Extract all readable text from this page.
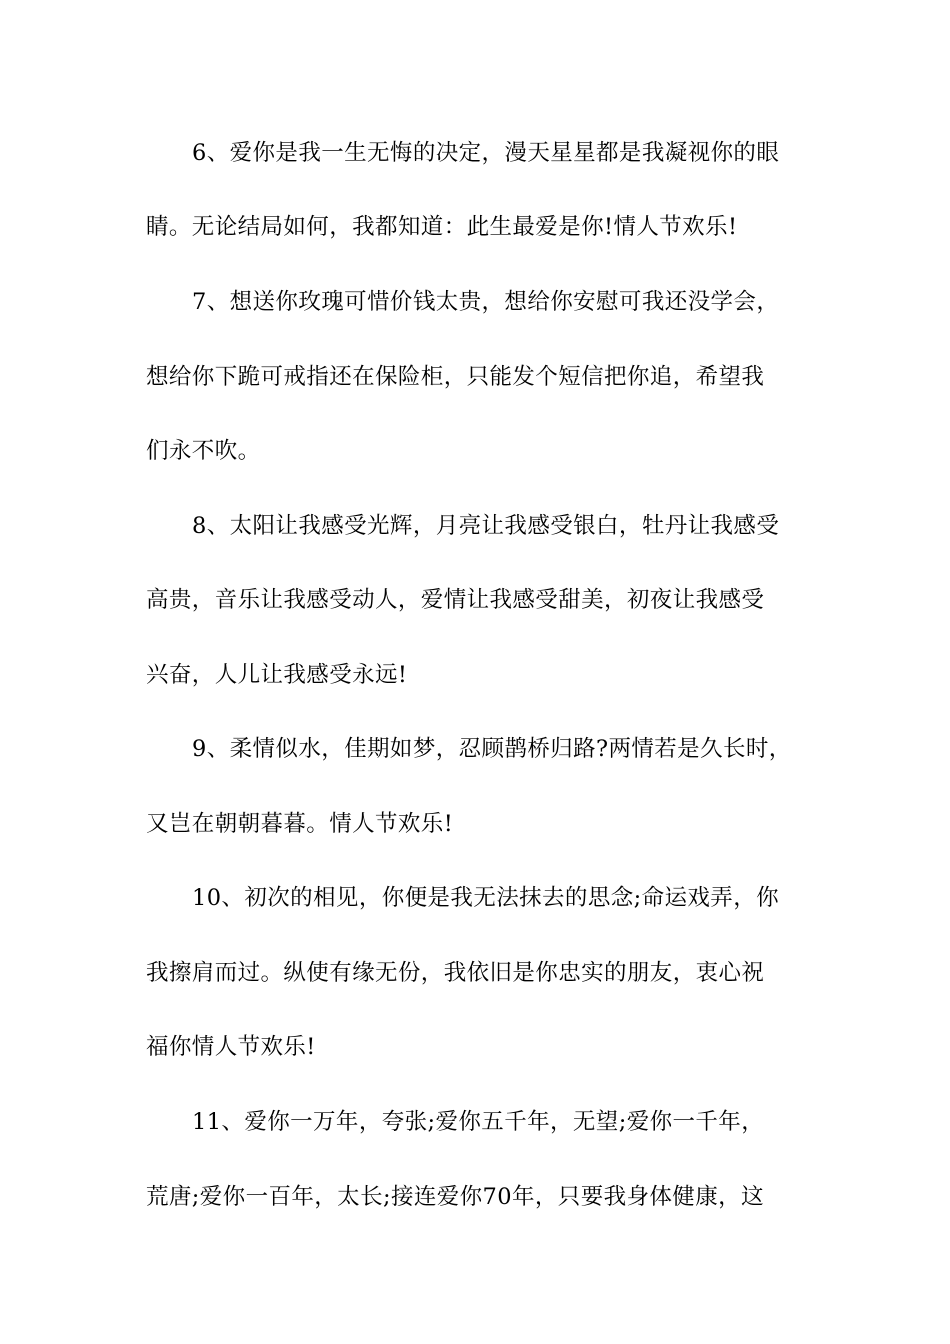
6、爱你是我一生无悔的决定，漫天星星都是我凝视你的眼
睛。无论结局如何，我都知道：此生最爱是你!情人节欢乐!
7、想送你玫瑰可惜价钱太贵，想给你安慰可我还没学会，
想给你下跪可戒指还在保险柜，只能发个短信把你追，希望我
们永不吹。
8、太阳让我感受光辉，月亮让我感受银白，牡丹让我感受
高贵，音乐让我感受动人，爱情让我感受甜美，初夜让我感受
兴奋，人儿让我感受永远!
9、柔情似水，佳期如梦，忍顾鹊桥归路?两情若是久长时，
又岂在朝朝暮暮。情人节欢乐!
10、初次的相见，你便是我无法抹去的思念;命运戏弄，你
我擦肩而过。纵使有缘无份，我依旧是你忠实的朋友，衷心祝
福你情人节欢乐!
11、爱你一万年，夸张;爱你五千年，无望;爱你一千年，
荒唐;爱你一百年，太长;接连爱你70年，只要我身体健康，这
